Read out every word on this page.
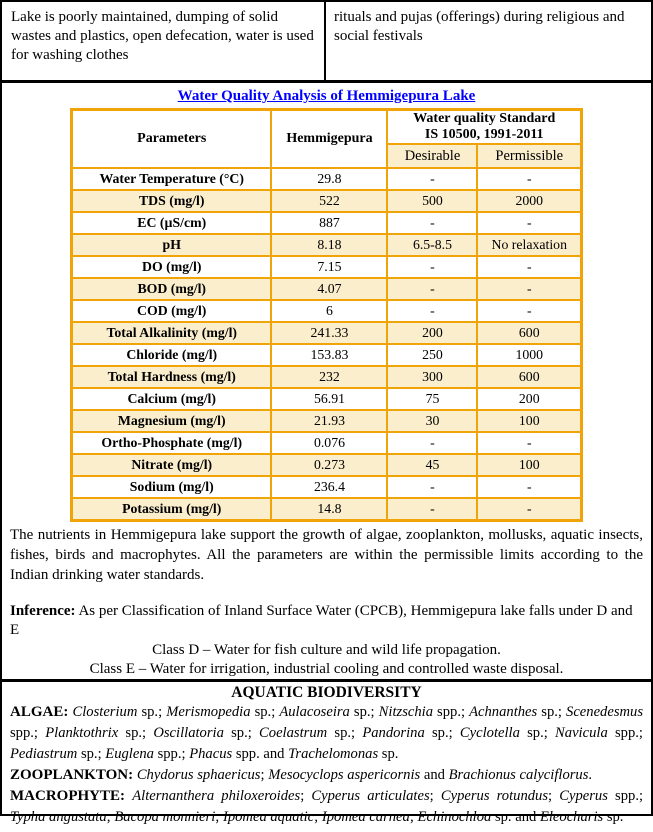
Lake is poorly maintained, dumping of solid wastes and plastics, open defecation, water is used for washing clothes
rituals and pujas (offerings) during religious and social festivals
Water Quality Analysis of Hemmigepura Lake
Parameters	Hemmigepura	Water quality Standard
IS 10500, 1991-2011	

		Desirable	Permissible
Water Temperature (°C)	29.8	-	-
TDS (mg/l)	522	500	2000
EC (µS/cm)	887	-	-
pH	8.18	6.5-8.5	No relaxation
DO (mg/l)	7.15	-	-
BOD (mg/l)	4.07	-	-
COD (mg/l)	6	-	-
Total Alkalinity (mg/l)	241.33	200	600
Chloride (mg/l)	153.83	250	1000
Total Hardness (mg/l)	232	300	600
Calcium (mg/l)	56.91	75	200
Magnesium (mg/l)	21.93	30	100
Ortho-Phosphate (mg/l)	0.076	-	-
Nitrate (mg/l)	0.273	45	100
Sodium (mg/l)	236.4	-	-
Potassium (mg/l)	14.8	-	-

The nutrients in Hemmigepura lake support the growth of algae, zooplankton, mollusks, aquatic insects, fishes, birds and macrophytes. All the parameters are within the permissible limits according to the Indian drinking water standards.

Inference: As per Classification of Inland Surface Water (CPCB), Hemmigepura lake falls under D and E

Class D – Water for fish culture and wild life propagation.
Class E – Water for irrigation, industrial cooling and controlled waste disposal.
AQUATIC BIODIVERSITY

ALGAE: Closterium sp.; Merismopedia sp.; Aulacoseira sp.; Nitzschia spp.; Achnanthes sp.; Scenedesmus spp.; Planktothrix sp.; Oscillatoria sp.; Coelastrum sp.; Pandorina sp.; Cyclotella sp.; Navicula spp.; Pediastrum sp.; Euglena spp.; Phacus spp. and Trachelomonas sp.

ZOOPLANKTON: Chydorus sphaericus; Mesocyclops aspericornis and Brachionus calyciflorus.

MACROPHYTE: Alternanthera philoxeroides; Cyperus articulates; Cyperus rotundus; Cyperus spp.; Typha angustata; Bacopa monnieri; Ipomea aquatic; Ipomea carnea; Echinochloa sp. and Eleocharis sp.
